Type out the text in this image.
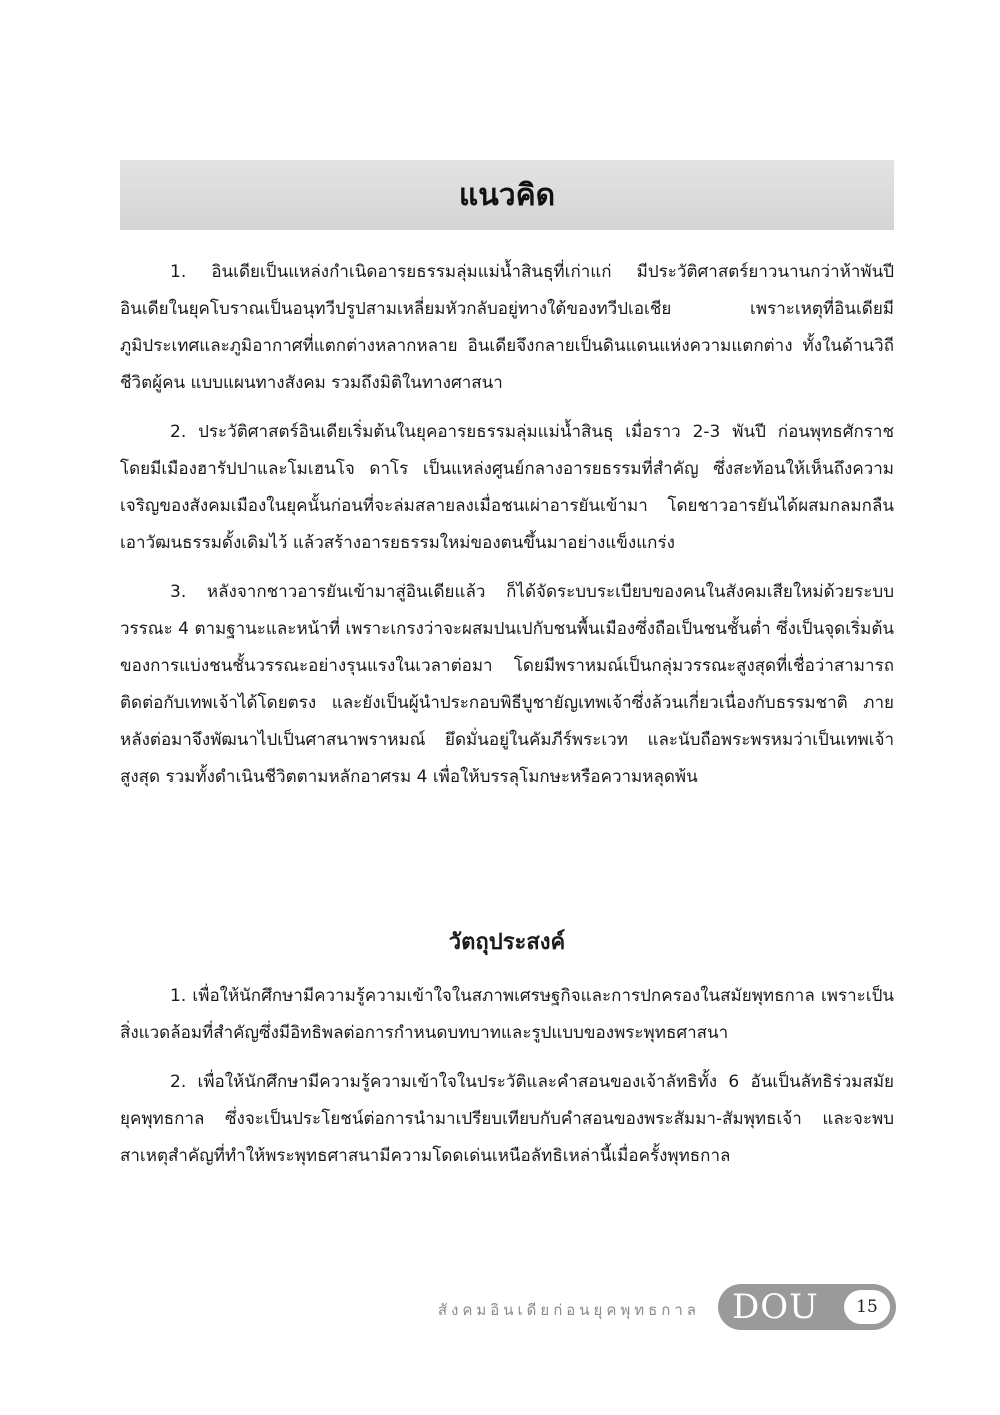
แนวคิด

1. อินเดียเป็นแหล่งกำเนิดอารยธรรมลุ่มแม่น้ำสินธุที่เก่าแก่ มีประวัติศาสตร์ยาวนานกว่าห้าพันปี อินเดียในยุคโบราณเป็นอนุทวีปรูปสามเหลี่ยมหัวกลับอยู่ทางใต้ของทวีปเอเชีย เพราะเหตุที่อินเดียมีภูมิประเทศและภูมิอากาศที่แตกต่างหลากหลาย อินเดียจึงกลายเป็นดินแดนแห่งความแตกต่าง ทั้งในด้านวิถีชีวิตผู้คน แบบแผนทางสังคม รวมถึงมิติในทางศาสนา

2. ประวัติศาสตร์อินเดียเริ่มต้นในยุคอารยธรรมลุ่มแม่น้ำสินธุ เมื่อราว 2-3 พันปี ก่อนพุทธศักราช โดยมีเมืองฮารัปปาและโมเฮนโจ ดาโร เป็นแหล่งศูนย์กลางอารยธรรมที่สำคัญ ซึ่งสะท้อนให้เห็นถึงความเจริญของสังคมเมืองในยุคนั้นก่อนที่จะล่มสลายลงเมื่อชนเผ่าอารยันเข้ามา โดยชาวอารยันได้ผสมกลมกลืนเอาวัฒนธรรมดั้งเดิมไว้ แล้วสร้างอารยธรรมใหม่ของตนขึ้นมาอย่างแข็งแกร่ง

3. หลังจากชาวอารยันเข้ามาสู่อินเดียแล้ว ก็ได้จัดระบบระเบียบของคนในสังคมเสียใหม่ด้วยระบบวรรณะ 4 ตามฐานะและหน้าที่ เพราะเกรงว่าจะผสมปนเปกับชนพื้นเมืองซึ่งถือเป็นชนชั้นต่ำ ซึ่งเป็นจุดเริ่มต้นของการแบ่งชนชั้นวรรณะอย่างรุนแรงในเวลาต่อมา โดยมีพราหมณ์เป็นกลุ่มวรรณะสูงสุดที่เชื่อว่าสามารถติดต่อกับเทพเจ้าได้โดยตรง และยังเป็นผู้นำประกอบพิธีบูชายัญเทพเจ้าซึ่งล้วนเกี่ยวเนื่องกับธรรมชาติ ภายหลังต่อมาจึงพัฒนาไปเป็นศาสนาพราหมณ์ ยึดมั่นอยู่ในคัมภีร์พระเวท และนับถือพระพรหมว่าเป็นเทพเจ้าสูงสุด รวมทั้งดำเนินชีวิตตามหลักอาศรม 4 เพื่อให้บรรลุโมกษะหรือความหลุดพ้น

วัตถุประสงค์

1. เพื่อให้นักศึกษามีความรู้ความเข้าใจในสภาพเศรษฐกิจและการปกครองในสมัยพุทธกาล เพราะเป็นสิ่งแวดล้อมที่สำคัญซึ่งมีอิทธิพลต่อการกำหนดบทบาทและรูปแบบของพระพุทธศาสนา

2. เพื่อให้นักศึกษามีความรู้ความเข้าใจในประวัติและคำสอนของเจ้าลัทธิทั้ง 6 อันเป็นลัทธิร่วมสมัยยุคพุทธกาล ซึ่งจะเป็นประโยชน์ต่อการนำมาเปรียบเทียบกับคำสอนของพระสัมมา-สัมพุทธเจ้า และจะพบสาเหตุสำคัญที่ทำให้พระพุทธศาสนามีความโดดเด่นเหนือลัทธิเหล่านี้เมื่อครั้งพุทธกาล

สังคมอินเดียก่อนยุคพุทธกาล DOU	15
